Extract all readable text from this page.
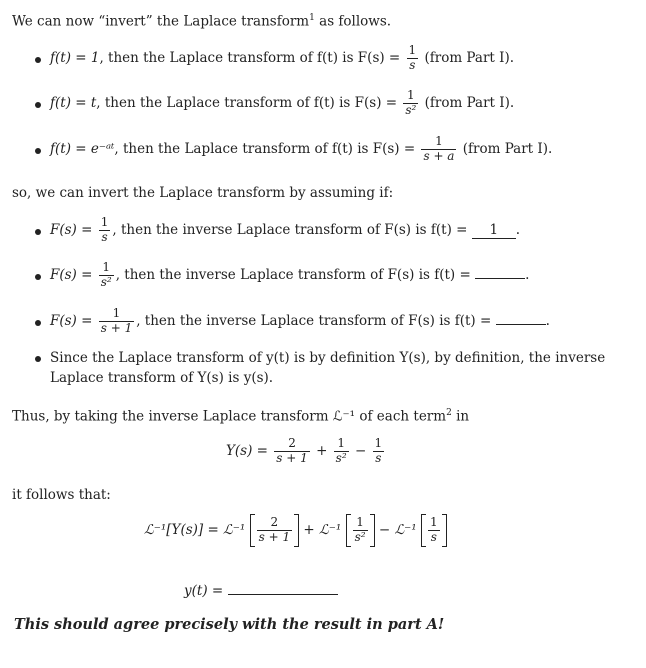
We can now “invert” the Laplace transform$^1$ as follows.
f(t) = 1, then the Laplace transform of f(t) is $F(s) = \frac{1}{s}$ (from Part I).
f(t) = t, then the Laplace transform of f(t) is $F(s) = \frac{1}{\text{s²}}$ (from Part I).
f(t) = e⁻ᵃᵗ, then the Laplace transform of f(t) is $F(s) = \frac{1}{s + a}$ (from Part I).
so, we can invert the Laplace transform by assuming if:
$F(s) = \frac{1}{s}$ , then the inverse Laplace transform of F(s) is f(t) = 1 .
$F(s) = \frac{1}{\text{s²}}$ , then the inverse Laplace transform of F(s) is f(t) =	.
$F(s) = \frac{1}{s + 1}$ , then the inverse Laplace transform of F(s) is f(t) =	.
Since the Laplace transform of y(t) is by definition Y(s), by definition, the inverse
Laplace transform of Y(s) is y(s).
Thus, by taking the inverse Laplace transform ℒ⁻¹ of each term$^2$ in
$Y(s) = \frac{2}{s + 1} + \frac{1}{\text{s²}} - \frac{1}{s}$
it follows that:
ℒ⁻¹[Y(s)] = ℒ⁻¹ $\frac{2}{s + 1}$ + ℒ⁻¹ $\frac{1}{\text{s²}}$ − ℒ⁻¹ $\frac{1}{s}$
y(t) =
This should agree precisely with the result in part A!
